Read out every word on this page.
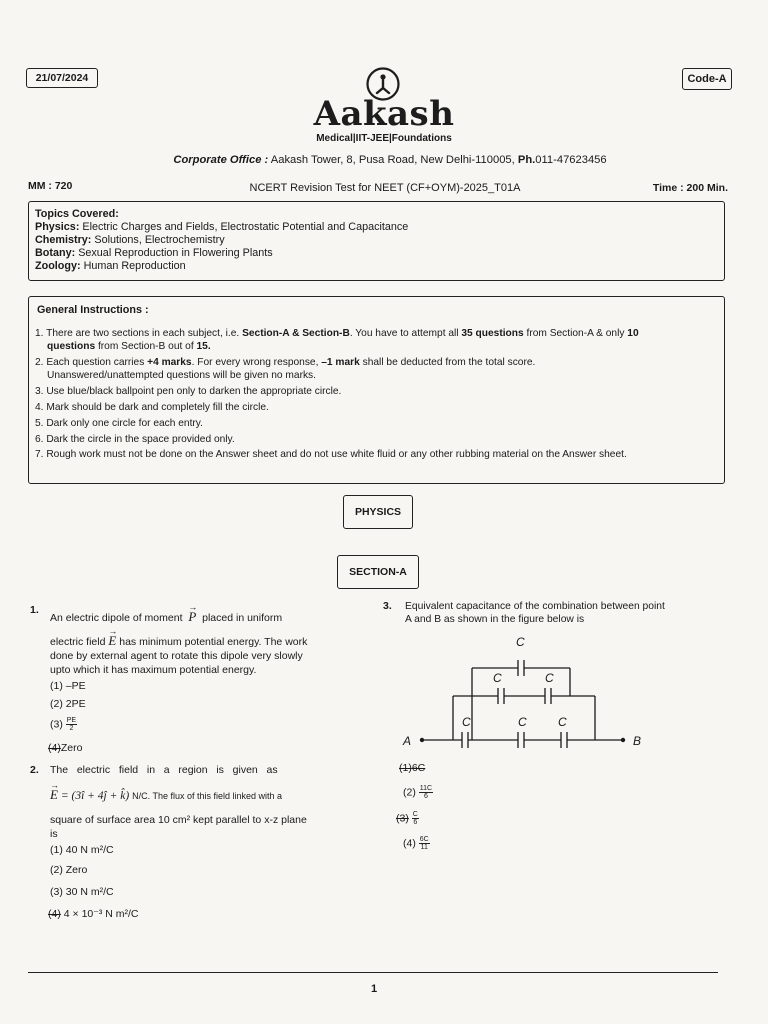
21/07/2024	Code-A
Aakash
Medical|IIT-JEE|Foundations
Corporate Office : Aakash Tower, 8, Pusa Road, New Delhi-110005, Ph.011-47623456
MM : 720	NCERT Revision Test for NEET (CF+OYM)-2025_T01A	Time : 200 Min.
Topics Covered:
Physics: Electric Charges and Fields, Electrostatic Potential and Capacitance
Chemistry: Solutions, Electrochemistry
Botany: Sexual Reproduction in Flowering Plants
Zoology: Human Reproduction
General Instructions :
1. There are two sections in each subject, i.e. Section-A & Section-B. You have to attempt all 35 questions from Section-A & only 10
questions from Section-B out of 15.
2. Each question carries +4 marks. For every wrong response, –1 mark shall be deducted from the total score.
Unanswered/unattempted questions will be given no marks.
3. Use blue/black ballpoint pen only to darken the appropriate circle.
4. Mark should be dark and completely fill the circle.
5. Dark only one circle for each entry.
6. Dark the circle in the space provided only.
7. Rough work must not be done on the Answer sheet and do not use white fluid or any other rubbing material on the Answer sheet.
PHYSICS
SECTION-A
1.
An electric dipole of moment → P placed in uniform
electric field → E has minimum potential energy. The work
done by external agent to rotate this dipole very slowly
upto which it has maximum potential energy.
(1) –PE
(2) 2PE
$(3) \frac{PE}{2}$
(4)Zero
2. The   electric   field   in   a   region   is   given   as
→ E = (3î + 4ĵ + k̂) N/C. The flux of this field linked with a
square of surface area 10 cm² kept parallel to x-z plane
is
(1) 40 N m²/C
(2) Zero
(3) 30 N m²/C
(4) 4 × 10⁻³ N m²/C
3. Equivalent capacitance of the combination between point
A and B as shown in the figure below is
A	B
C
C	C
C	C	C
(1)6C
$(2) \frac{11C}{6}$
$(3) \frac{C}{6}$
$(4) \frac{6C}{11}$
1
